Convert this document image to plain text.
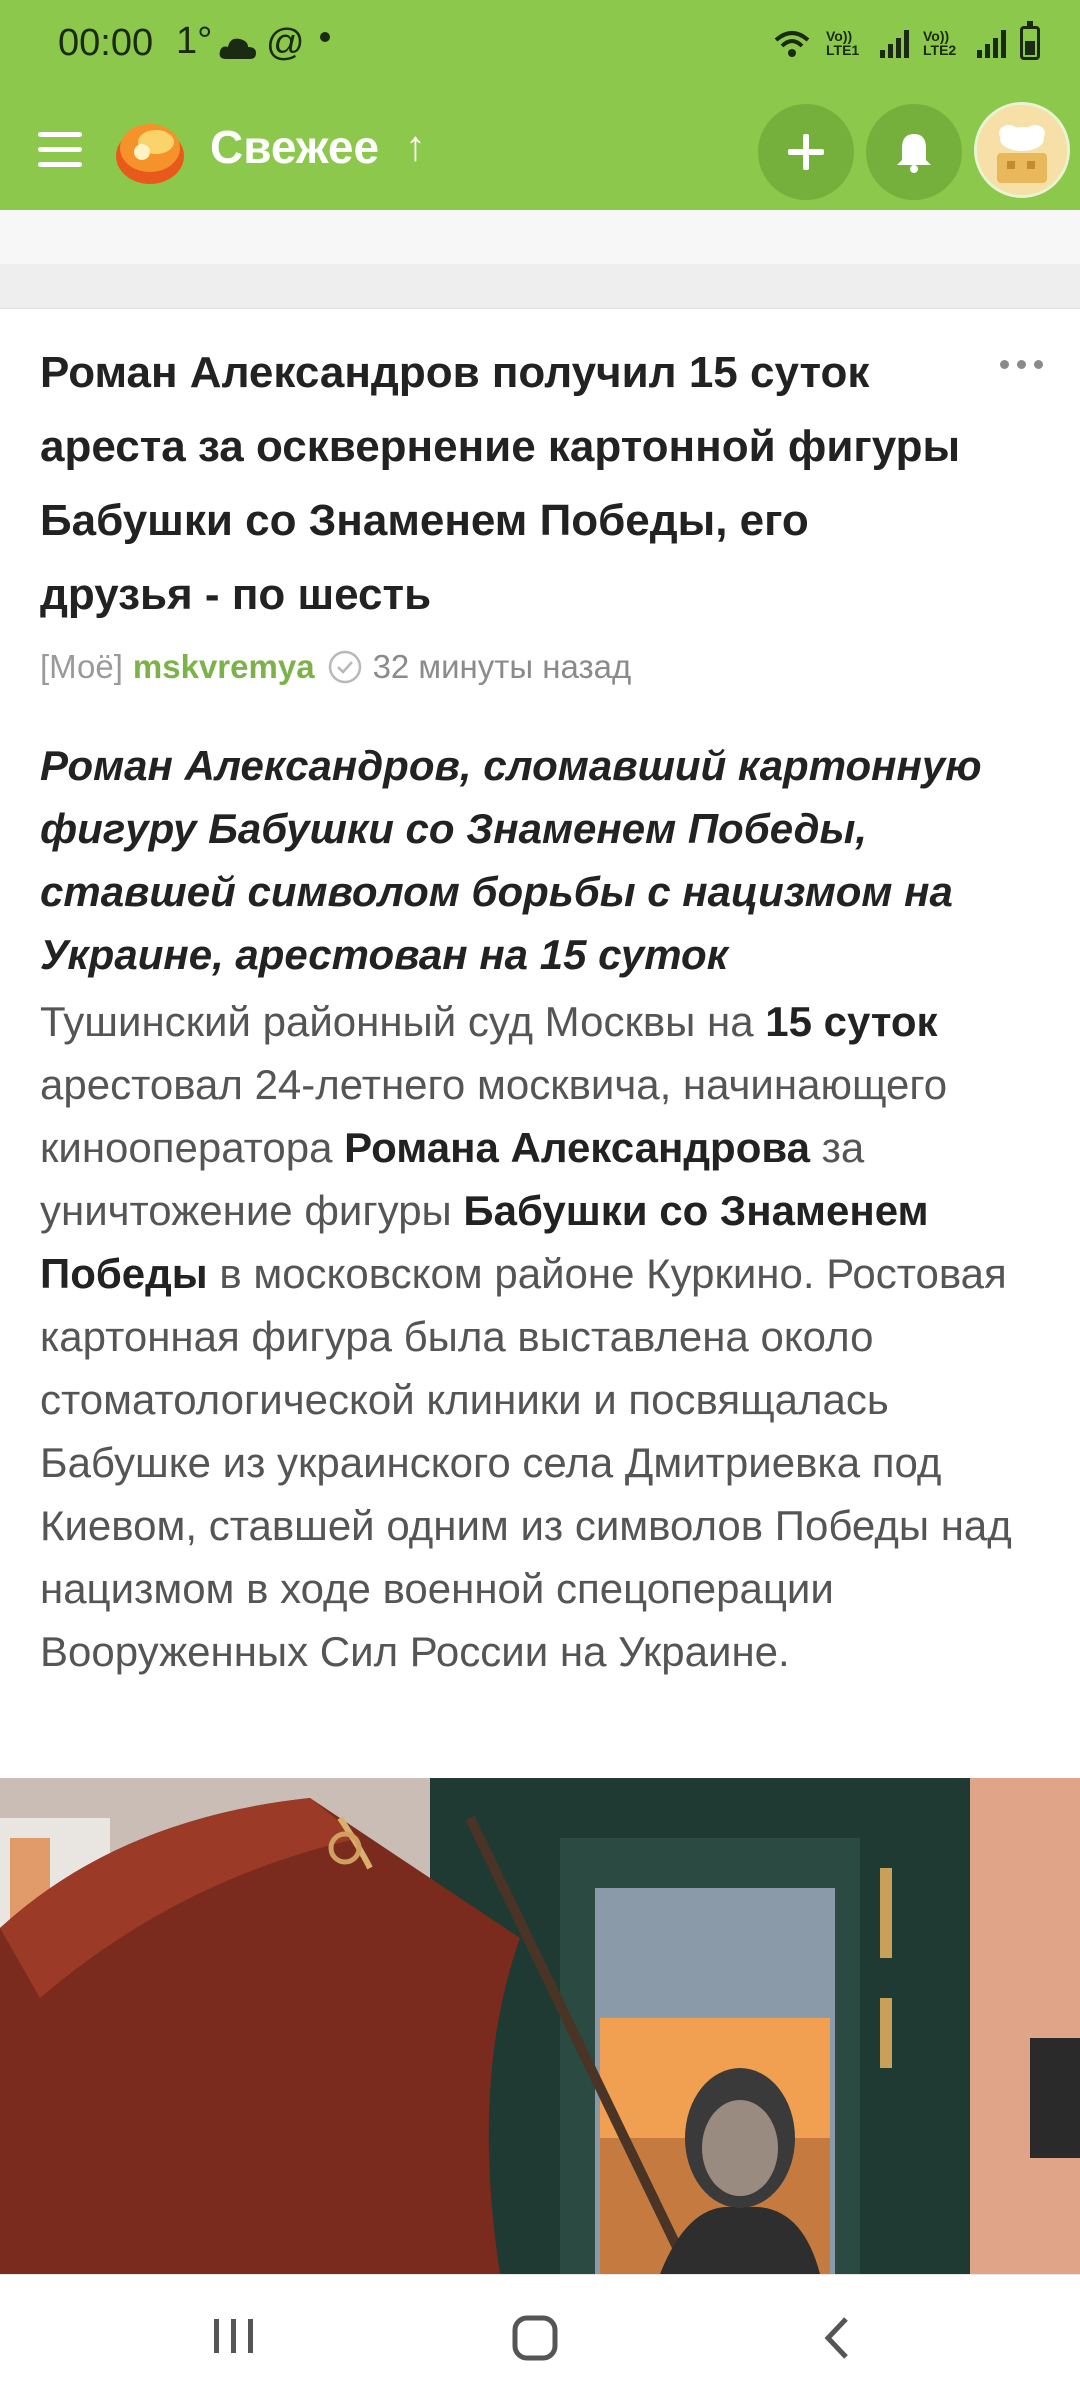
00:00 1° @	Vo)) LTE1
Vo)) LTE2
Свежее ↑
Роман Александров получил 15 суток ареста за осквернение картонной фигуры Бабушки со Знаменем Победы, его друзья - по шесть
[Моё] mskvremya 32 минуты назад
Роман Александров, сломавший картонную фигуру Бабушки со Знаменем Победы, ставшей символом борьбы с нацизмом на Украине, арестован на 15 суток
Тушинский районный суд Москвы на 15 суток арестовал 24-летнего москвича, начинающего кинооператора Романа Александрова за уничтожение фигуры Бабушки со Знаменем Победы в московском районе Куркино. Ростовая картонная фигура была выставлена около стоматологической клиники и посвящалась Бабушке из украинского села Дмитриевка под Киевом, ставшей одним из символов Победы над нацизмом в ходе военной спецоперации Вооруженных Сил России на Украине.
